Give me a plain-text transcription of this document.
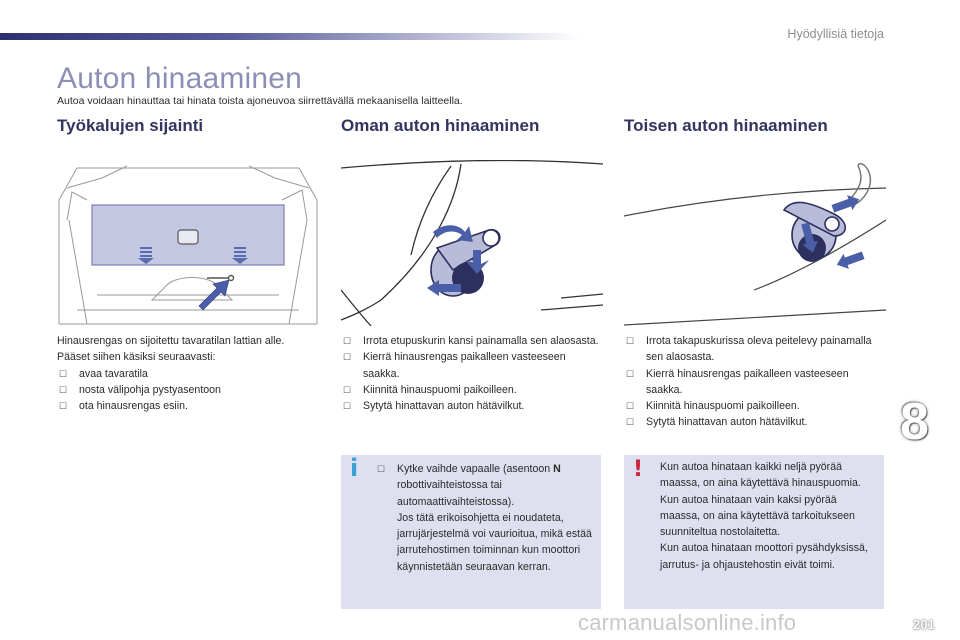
Hyödyllisiä tietoja
Auton hinaaminen
Autoa voidaan hinauttaa tai hinata toista ajoneuvoa siirrettävällä mekaanisella laitteella.
Työkalujen sijainti

Hinausrengas on sijoitettu tavaratilan lattian alle.

Pääset siihen käsiksi seuraavasti:

☐ avaa tavaratila
☐ nosta välipohja pystyasentoon
☐ ota hinausrengas esiin.
Oman auton hinaaminen
☐ Irrota etupuskurin kansi painamalla sen alaosasta.
☐ Kierrä hinausrengas paikalleen vasteeseen saakka.
☐ Kiinnitä hinauspuomi paikoilleen.
☐ Sytytä hinattavan auton hätävilkut.
Toisen auton hinaaminen
☐ Irrota takapuskurissa oleva peitelevy painamalla sen alaosasta.
☐ Kierrä hinausrengas paikalleen vasteeseen saakka.
☐ Kiinnitä hinauspuomi paikoilleen.
☐ Sytytä hinattavan auton hätävilkut.
i ☐ Kytke vaihde vapaalle (asentoon N robottivaihteistossa tai automaattivaihteistossa).
Jos tätä erikoisohjetta ei noudateta, jarrujärjestelmä voi vaurioitua, mikä estää jarrutehostimen toiminnan kun moottori käynnistetään seuraavan kerran.
! Kun autoa hinataan kaikki neljä pyörää maassa, on aina käytettävä hinauspuomia.

Kun autoa hinataan vain kaksi pyörää maassa, on aina käytettävä tarkoitukseen suunniteltua nostolaitetta.

Kun autoa hinataan moottori pysähdyksissä, jarrutus- ja ohjaustehostin eivät toimi.

8
carmanualsonline.info	201
